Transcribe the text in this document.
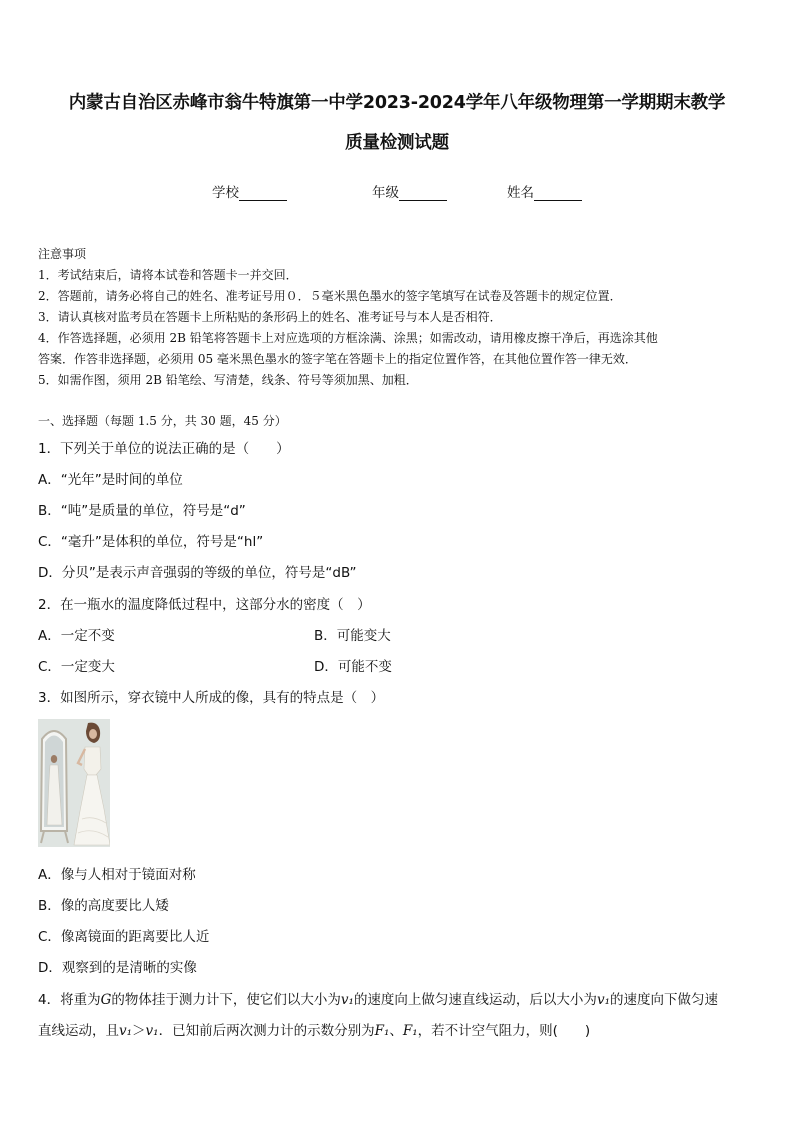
内蒙古自治区赤峰市翁牛特旗第一中学2023-2024学年八年级物理第一学期期末教学
质量检测试题
学校	年级	姓名
注意事项
1．考试结束后，请将本试卷和答题卡一并交回．
2．答题前，请务必将自己的姓名、准考证号用０．５毫米黑色墨水的签字笔填写在试卷及答题卡的规定位置．
3．请认真核对监考员在答题卡上所粘贴的条形码上的姓名、准考证号与本人是否相符．
4．作答选择题，必须用 2B 铅笔将答题卡上对应选项的方框涂满、涂黑；如需改动，请用橡皮擦干净后，再选涂其他
答案．作答非选择题，必须用 05 毫米黑色墨水的签字笔在答题卡上的指定位置作答，在其他位置作答一律无效．
5．如需作图，须用 2B 铅笔绘、写清楚，线条、符号等须加黑、加粗．
一、选择题（每题 1.5 分，共 30 题，45 分）
1．下列关于单位的说法正确的是（　　）
A．“光年”是时间的单位
B．“吨”是质量的单位，符号是“d”
C．“毫升”是体积的单位，符号是“hl”
D．分贝”是表示声音强弱的等级的单位，符号是“dB”
2．在一瓶水的温度降低过程中，这部分水的密度（　）
A．一定不变	B．可能变大
C．一定变大	D．可能不变
3．如图所示，穿衣镜中人所成的像，具有的特点是（　）
A．像与人相对于镜面对称
B．像的高度要比人矮
C．像离镜面的距离要比人近
D．观察到的是清晰的实像
4．将重为G的物体挂于测力计下，使它们以大小为v₁的速度向上做匀速直线运动，后以大小为v₁的速度向下做匀速
直线运动，且v₁＞v₁．已知前后两次测力计的示数分别为F₁、F₁，若不计空气阻力，则(　　)
